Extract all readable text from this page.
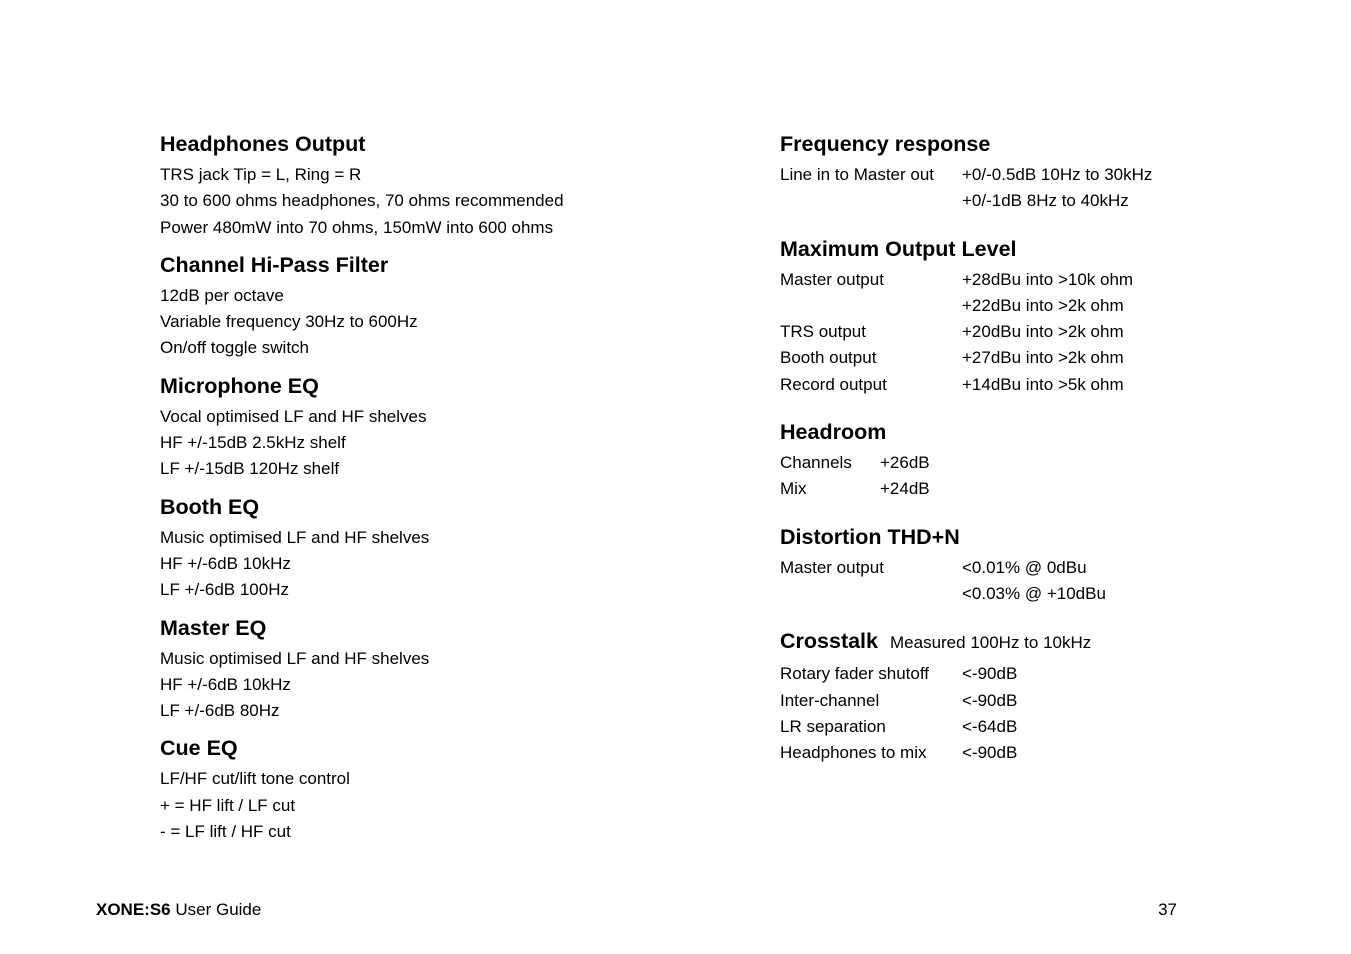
Headphones Output
TRS jack Tip = L, Ring = R
30 to 600 ohms headphones, 70 ohms recommended
Power 480mW into 70 ohms, 150mW into 600 ohms
Channel Hi-Pass Filter
12dB per octave
Variable frequency 30Hz to 600Hz
On/off toggle switch
Microphone EQ
Vocal optimised LF and HF shelves
HF +/-15dB 2.5kHz shelf
LF +/-15dB 120Hz shelf
Booth EQ
Music optimised LF and HF shelves
HF +/-6dB 10kHz
LF +/-6dB 100Hz
Master EQ
Music optimised LF and HF shelves
HF +/-6dB 10kHz
LF +/-6dB 80Hz
Cue EQ
LF/HF cut/lift tone control
+ = HF lift / LF cut
- = LF lift / HF cut
Frequency response
Line in to Master out	+0/-0.5dB 10Hz to 30kHz
+0/-1dB 8Hz to 40kHz
Maximum Output Level
Master output	+28dBu into >10k ohm
+22dBu into >2k ohm
TRS output	+20dBu into >2k ohm
Booth output	+27dBu into >2k ohm
Record output	+14dBu into >5k ohm
Headroom
Channels	+26dB
Mix	+24dB
Distortion THD+N
Master output	<0.01% @ 0dBu
<0.03% @ +10dBu
Crosstalk Measured 100Hz to 10kHz
Rotary fader shutoff	<-90dB
Inter-channel	<-90dB
LR separation	<-64dB
Headphones to mix	<-90dB
XONE:S6 User Guide	37
